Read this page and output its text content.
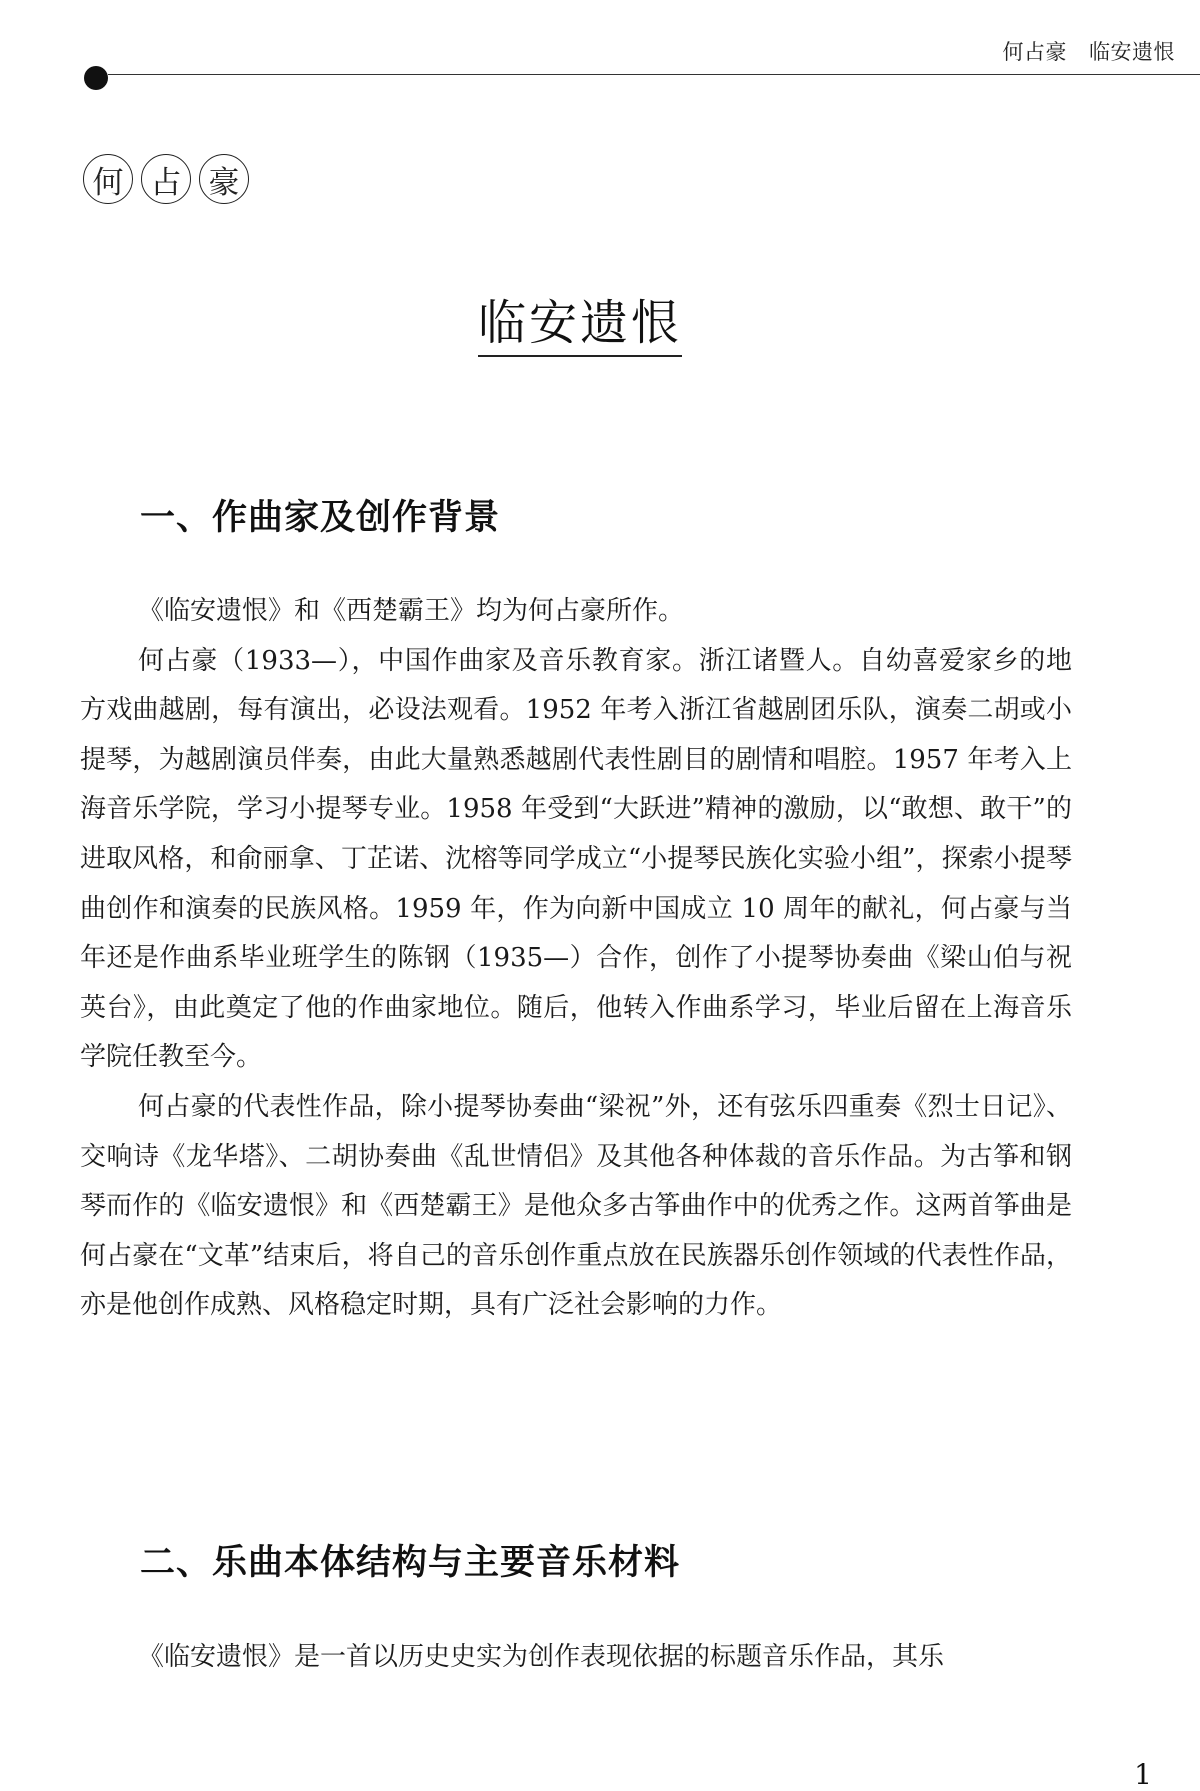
何占豪 临安遗恨
何 占 豪
临安遗恨
一、作曲家及创作背景

《临安遗恨》和《西楚霸王》均为何占豪所作。

何占豪（1933—），中国作曲家及音乐教育家。浙江诸暨人。自幼喜爱家乡的地方戏曲越剧，每有演出，必设法观看。1952 年考入浙江省越剧团乐队，演奏二胡或小提琴，为越剧演员伴奏，由此大量熟悉越剧代表性剧目的剧情和唱腔。1957 年考入上海音乐学院，学习小提琴专业。1958 年受到“大跃进”精神的激励，以“敢想、敢干”的进取风格，和俞丽拿、丁芷诺、沈榕等同学成立“小提琴民族化实验小组”，探索小提琴曲创作和演奏的民族风格。1959 年，作为向新中国成立 10 周年的献礼，何占豪与当年还是作曲系毕业班学生的陈钢（1935—）合作，创作了小提琴协奏曲《梁山伯与祝英台》，由此奠定了他的作曲家地位。随后，他转入作曲系学习，毕业后留在上海音乐学院任教至今。

何占豪的代表性作品，除小提琴协奏曲“梁祝”外，还有弦乐四重奏《烈士日记》、交响诗《龙华塔》、二胡协奏曲《乱世情侣》及其他各种体裁的音乐作品。为古筝和钢琴而作的《临安遗恨》和《西楚霸王》是他众多古筝曲作中的优秀之作。这两首筝曲是何占豪在“文革”结束后，将自己的音乐创作重点放在民族器乐创作领域的代表性作品，亦是他创作成熟、风格稳定时期，具有广泛社会影响的力作。

二、乐曲本体结构与主要音乐材料

《临安遗恨》是一首以历史史实为创作表现依据的标题音乐作品，其乐

1
